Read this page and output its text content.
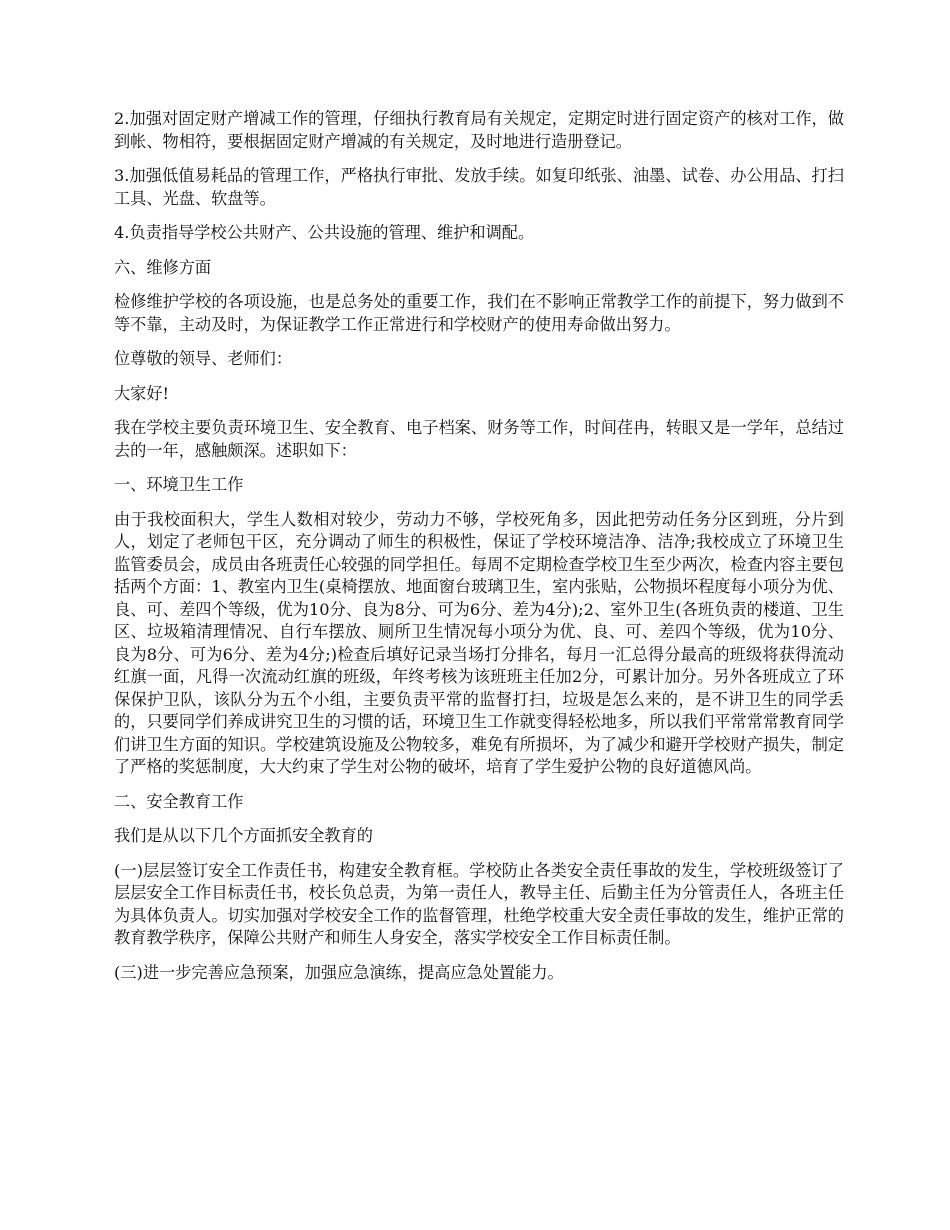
2.加强对固定财产增减工作的管理，仔细执行教育局有关规定，定期定时进行固定资产的核对工作，做到帐、物相符，要根据固定财产增减的有关规定，及时地进行造册登记。

3.加强低值易耗品的管理工作，严格执行审批、发放手续。如复印纸张、油墨、试卷、办公用品、打扫工具、光盘、软盘等。

4.负责指导学校公共财产、公共设施的管理、维护和调配。

六、维修方面

检修维护学校的各项设施，也是总务处的重要工作，我们在不影响正常教学工作的前提下，努力做到不等不靠，主动及时，为保证教学工作正常进行和学校财产的使用寿命做出努力。

位尊敬的领导、老师们：

大家好!

我在学校主要负责环境卫生、安全教育、电子档案、财务等工作，时间荏冉，转眼又是一学年，总结过去的一年，感触颇深。述职如下：

一、环境卫生工作

由于我校面积大，学生人数相对较少，劳动力不够，学校死角多，因此把劳动任务分区到班，分片到人，划定了老师包干区，充分调动了师生的积极性，保证了学校环境洁净、洁净;我校成立了环境卫生监管委员会，成员由各班责任心较强的同学担任。每周不定期检查学校卫生至少两次，检查内容主要包括两个方面：1、教室内卫生(桌椅摆放、地面窗台玻璃卫生，室内张贴，公物损坏程度每小项分为优、良、可、差四个等级，优为10分、良为8分、可为6分、差为4分);2、室外卫生(各班负责的楼道、卫生区、垃圾箱清理情况、自行车摆放、厕所卫生情况每小项分为优、良、可、差四个等级，优为10分、良为8分、可为6分、差为4分;)检查后填好记录当场打分排名，每月一汇总得分最高的班级将获得流动红旗一面，凡得一次流动红旗的班级，年终考核为该班班主任加2分，可累计加分。另外各班成立了环保保护卫队，该队分为五个小组，主要负责平常的监督打扫，垃圾是怎么来的，是不讲卫生的同学丢的，只要同学们养成讲究卫生的习惯的话，环境卫生工作就变得轻松地多，所以我们平常常常教育同学们讲卫生方面的知识。学校建筑设施及公物较多，难免有所损坏，为了减少和避开学校财产损失，制定了严格的奖惩制度，大大约束了学生对公物的破坏，培育了学生爱护公物的良好道德风尚。

二、安全教育工作

我们是从以下几个方面抓安全教育的

(一)层层签订安全工作责任书，构建安全教育框。学校防止各类安全责任事故的发生，学校班级签订了层层安全工作目标责任书，校长负总责，为第一责任人，教导主任、后勤主任为分管责任人，各班主任为具体负责人。切实加强对学校安全工作的监督管理，杜绝学校重大安全责任事故的发生，维护正常的教育教学秩序，保障公共财产和师生人身安全，落实学校安全工作目标责任制。

(三)进一步完善应急预案，加强应急演练，提高应急处置能力。
